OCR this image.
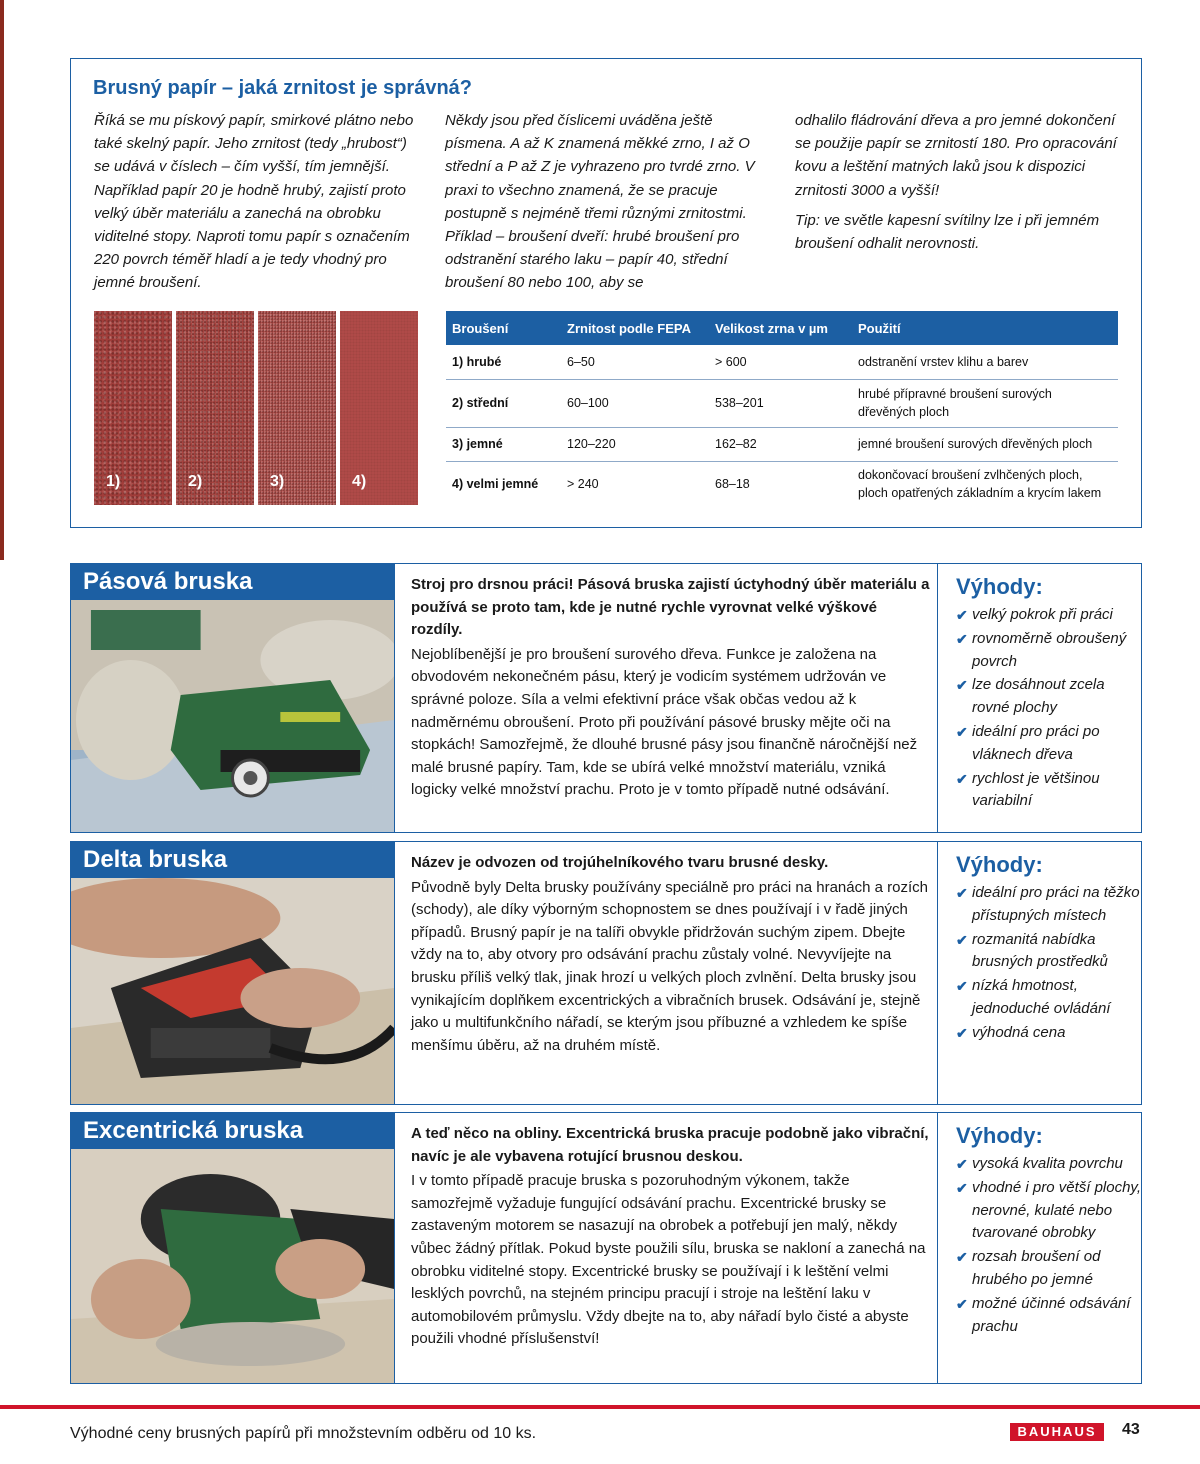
Brusný papír – jaká zrnitost je správná?

Říká se mu pískový papír, smirkové plátno nebo také skelný papír. Jeho zrnitost (tedy „hrubost“) se udává v číslech – čím vyšší, tím jemnější. Například papír 20 je hodně hrubý, zajistí proto velký úběr materiálu a zanechá na obrobku viditelné stopy. Naproti tomu papír s označením 220 povrch téměř hladí a je tedy vhodný pro jemné broušení.

Někdy jsou před číslicemi uváděna ještě písmena. A až K znamená měkké zrno, I až O střední a P až Z je vyhrazeno pro tvrdé zrno. V praxi to všechno znamená, že se pracuje postupně s nejméně třemi různými zrnitostmi. Příklad – broušení dveří: hrubé broušení pro odstranění starého laku – papír 40, střední broušení 80 nebo 100, aby se

odhalilo fládrování dřeva a pro jemné dokončení se použije papír se zrnitostí 180. Pro opracování kovu a leštění matných laků jsou k dispozici zrnitosti 3000 a vyšší!

Tip: ve světle kapesní svítilny lze i při jemném broušení odhalit nerovnosti.

1)	2)	3)	4)
Broušení	Zrnitost podle FEPA	Velikost zrna v µm	Použití
1) hrubé	6–50	> 600	odstranění vrstev klihu a barev
2) střední	60–100	538–201	hrubé přípravné broušení surových dřevěných ploch
3) jemné	120–220	162–82	jemné broušení surových dřevěných ploch
4) velmi jemné	> 240	68–18	dokončovací broušení zvlhčených ploch, ploch opatřených základním a krycím lakem
Pásová bruska	Stroj pro drsnou práci! Pásová bruska zajistí úctyhodný úběr materiálu a používá se proto tam, kde je nutné rychle vyrovnat velké výškové rozdíly.

Nejoblíbenější je pro broušení surového dřeva. Funkce je založena na obvodovém nekonečném pásu, který je vodicím systémem udržován ve správné poloze. Síla a velmi efektivní práce však občas vedou až k nadměrnému obroušení. Proto při používání pásové brusky mějte oči na stopkách! Samozřejmě, že dlouhé brusné pásy jsou finančně náročnější než malé brusné papíry. Tam, kde se ubírá velké množství materiálu, vzniká logicky velké množství prachu. Proto je v tomto případě nutné odsávání.

Výhody:
✔ velký pokrok při práci
✔ rovnoměrně obroušený povrch
✔ lze dosáhnout zcela rovné plochy
✔ ideální pro práci po vláknech dřeva
✔ rychlost je většinou variabilní
Delta bruska	Název je odvozen od trojúhelníkového tvaru brusné desky.

Původně byly Delta brusky používány speciálně pro práci na hranách a rozích (schody), ale díky výborným schopnostem se dnes používají i v řadě jiných případů. Brusný papír je na talíři obvykle přidržován suchým zipem. Dbejte vždy na to, aby otvory pro odsávání prachu zůstaly volné. Nevyvíjejte na brusku příliš velký tlak, jinak hrozí u velkých ploch zvlnění. Delta brusky jsou vynikajícím doplňkem excentrických a vibračních brusek. Odsávání je, stejně jako u multifunkčního nářadí, se kterým jsou příbuzné a vzhledem ke spíše menšímu úběru, až na druhém místě.

Výhody:
✔ ideální pro práci na těžko přístupných místech
✔ rozmanitá nabídka brusných prostředků
✔ nízká hmotnost, jednoduché ovládání
✔ výhodná cena
Excentrická bruska	A teď něco na obliny. Excentrická bruska pracuje podobně jako vibrační, navíc je ale vybavena rotující brusnou deskou.

I v tomto případě pracuje bruska s pozoruhodným výkonem, takže samozřejmě vyžaduje fungující odsávání prachu. Excentrické brusky se zastaveným motorem se nasazují na obrobek a potřebují jen malý, někdy vůbec žádný přítlak. Pokud byste použili sílu, bruska se nakloní a zanechá na obrobku viditelné stopy. Excentrické brusky se používají i k leštění velmi lesklých povrchů, na stejném principu pracují i stroje na leštění laku v automobilovém průmyslu. Vždy dbejte na to, aby nářadí bylo čisté a abyste použili vhodné příslušenství!

Výhody:
✔ vysoká kvalita povrchu
✔ vhodné i pro větší plochy, nerovné, kulaté nebo tvarované obrobky
✔ rozsah broušení od hrubého po jemné
✔ možné účinné odsávání prachu
Výhodné ceny brusných papírů při množstevním odběru od 10 ks.	BAUHAUS	43
